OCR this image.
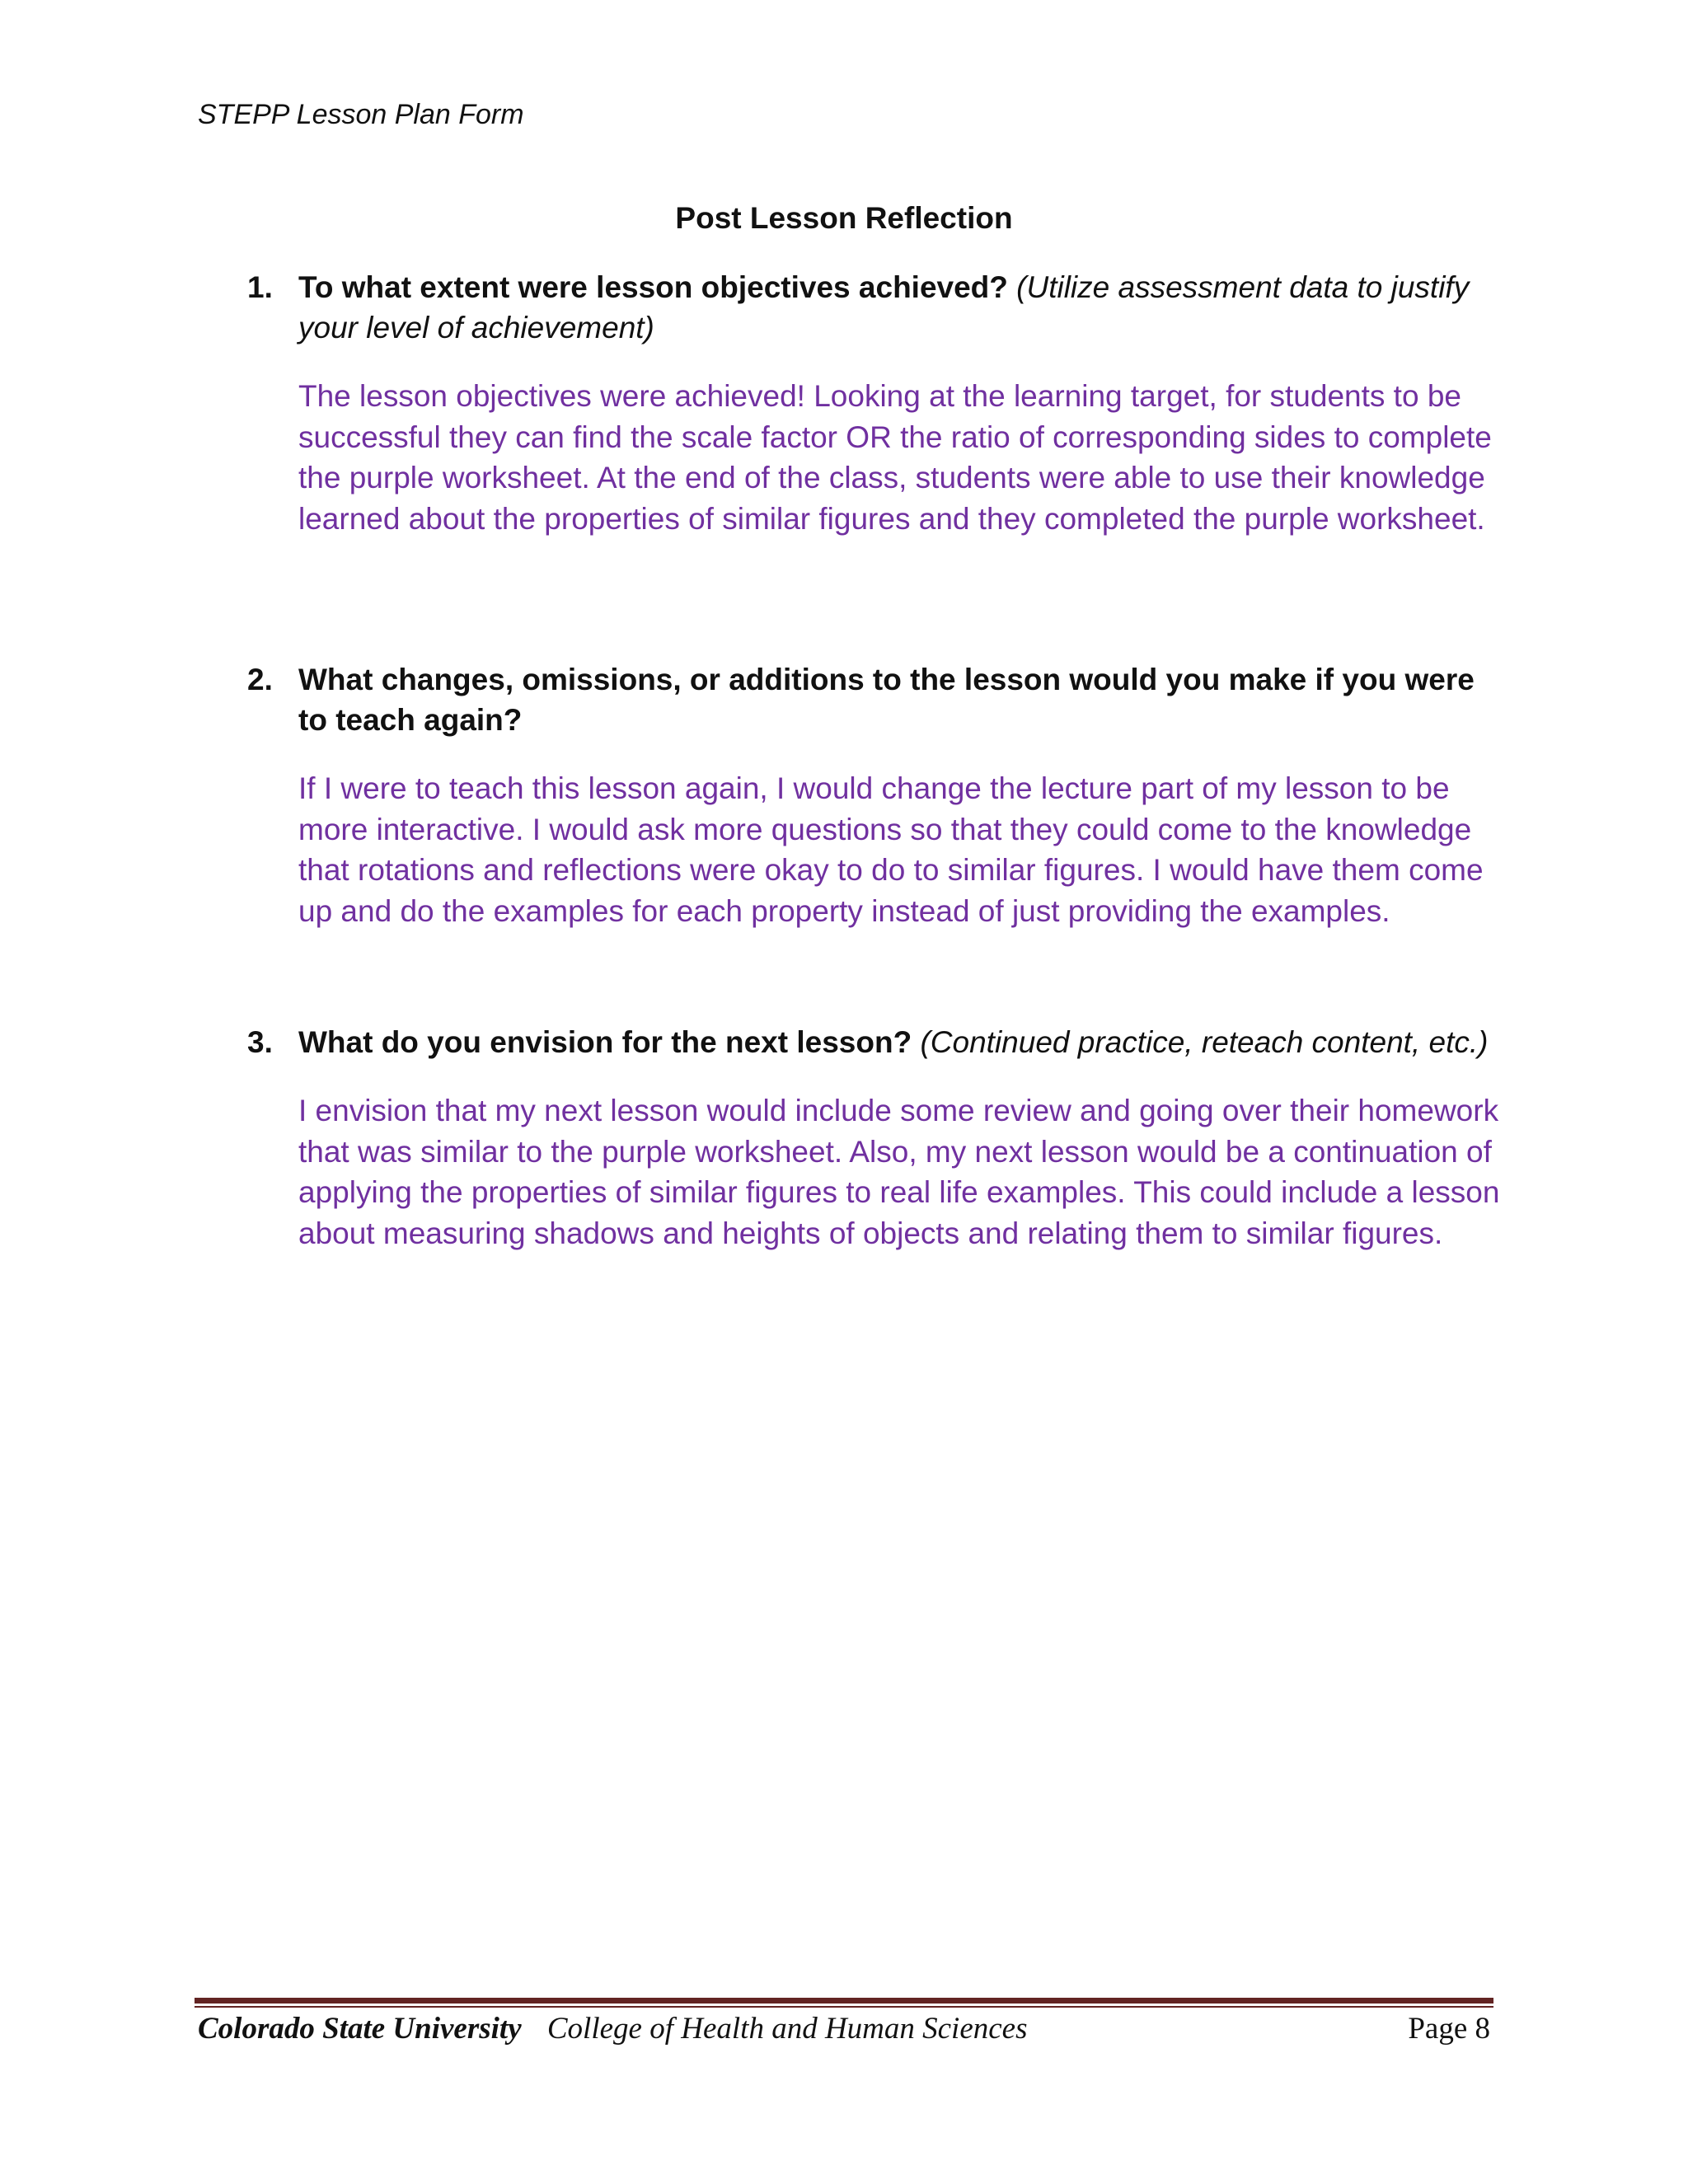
STEPP Lesson Plan Form
Post Lesson Reflection
1. To what extent were lesson objectives achieved? (Utilize assessment data to justify your level of achievement)
The lesson objectives were achieved! Looking at the learning target, for students to be successful they can find the scale factor OR the ratio of corresponding sides to complete the purple worksheet. At the end of the class, students were able to use their knowledge learned about the properties of similar figures and they completed the purple worksheet.
2. What changes, omissions, or additions to the lesson would you make if you were to teach again?
If I were to teach this lesson again, I would change the lecture part of my lesson to be more interactive. I would ask more questions so that they could come to the knowledge that rotations and reflections were okay to do to similar figures. I would have them come up and do the examples for each property instead of just providing the examples.
3. What do you envision for the next lesson? (Continued practice, reteach content, etc.)
I envision that my next lesson would include some review and going over their homework that was similar to the purple worksheet. Also, my next lesson would be a continuation of applying the properties of similar figures to real life examples. This could include a lesson about measuring shadows and heights of objects and relating them to similar figures.
Colorado State University College of Health and Human Sciences	Page 8
